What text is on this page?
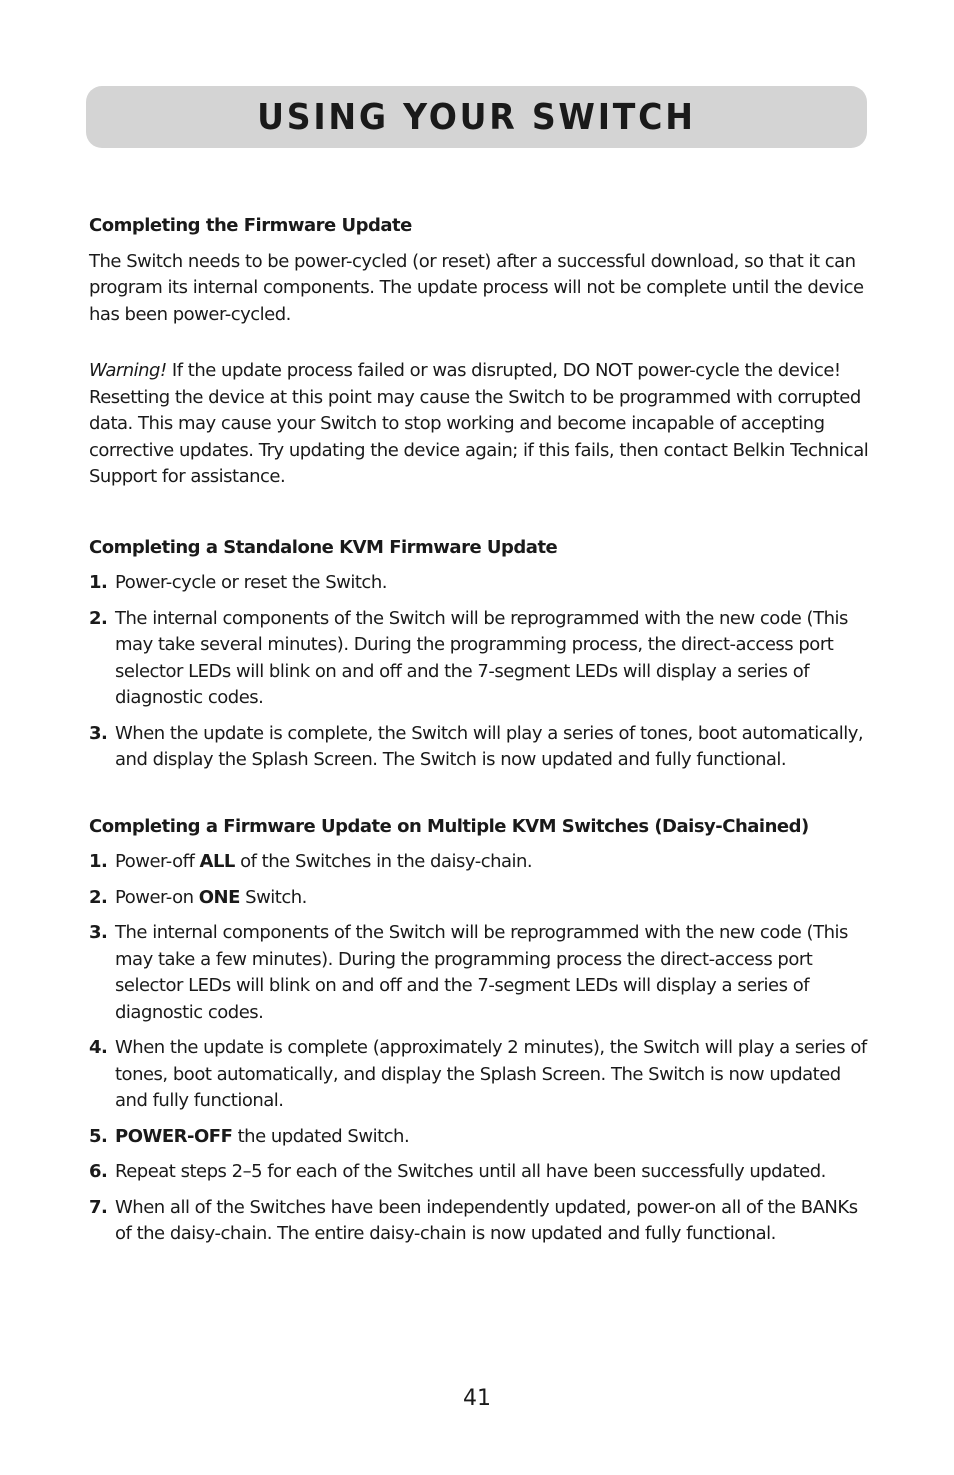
USING YOUR SWITCH

Completing the Firmware Update

The Switch needs to be power-cycled (or reset) after a successful download, so that it can program its internal components. The update process will not be complete until the device has been power-cycled.

Warning! If the update process failed or was disrupted, DO NOT power-cycle the device! Resetting the device at this point may cause the Switch to be programmed with corrupted data. This may cause your Switch to stop working and become incapable of accepting corrective updates. Try updating the device again; if this fails, then contact Belkin Technical Support for assistance.

Completing a Standalone KVM Firmware Update

1. Power-cycle or reset the Switch.
2. The internal components of the Switch will be reprogrammed with the new code (This may take several minutes). During the programming process, the direct-access port selector LEDs will blink on and off and the 7-segment LEDs will display a series of diagnostic codes.
3. When the update is complete, the Switch will play a series of tones, boot automatically, and display the Splash Screen. The Switch is now updated and fully functional.

Completing a Firmware Update on Multiple KVM Switches (Daisy-Chained)

1. Power-off ALL of the Switches in the daisy-chain.
2. Power-on ONE Switch.
3. The internal components of the Switch will be reprogrammed with the new code (This may take a few minutes). During the programming process the direct-access port selector LEDs will blink on and off and the 7-segment LEDs will display a series of diagnostic codes.
4. When the update is complete (approximately 2 minutes), the Switch will play a series of tones, boot automatically, and display the Splash Screen. The Switch is now updated and fully functional.
5. POWER-OFF the updated Switch.
6. Repeat steps 2–5 for each of the Switches until all have been successfully updated.
7. When all of the Switches have been independently updated, power-on all of the BANKs of the daisy-chain. The entire daisy-chain is now updated and fully functional.
41
